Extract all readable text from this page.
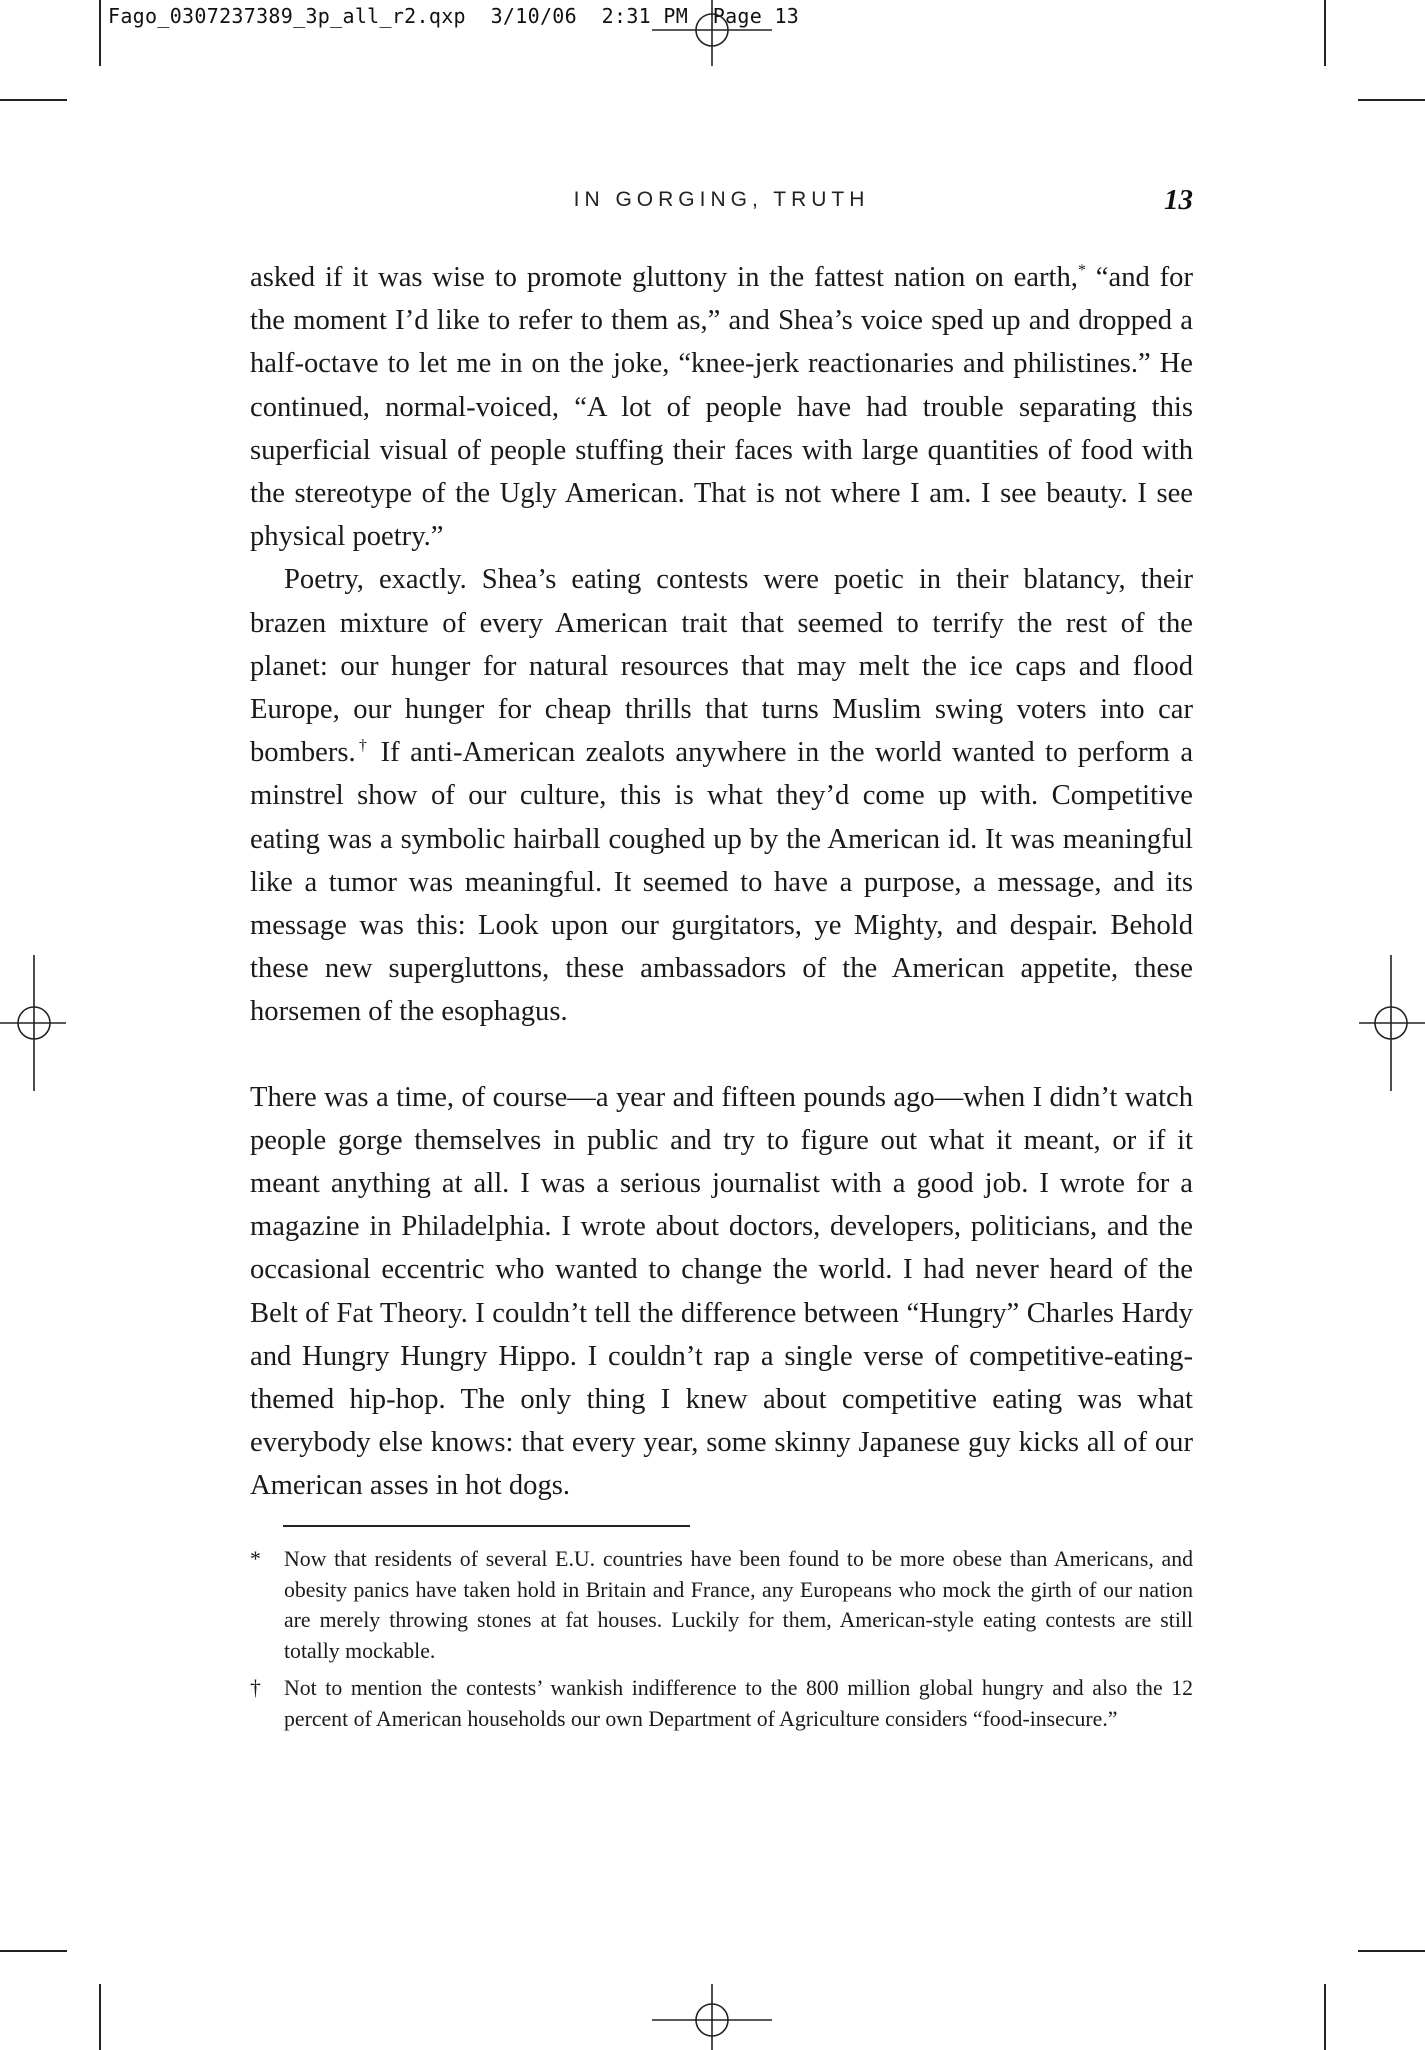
Fago_0307237389_3p_all_r2.qxp 3/10/06 2:31 PM Page 13
IN GORGING, TRUTH	13

asked if it was wise to promote gluttony in the fattest nation on earth,* “and for the moment I’d like to refer to them as,” and Shea’s voice sped up and dropped a half-octave to let me in on the joke, “knee-jerk reactionaries and philistines.” He continued, normal-voiced, “A lot of people have had trouble separating this superficial visual of people stuffing their faces with large quantities of food with the stereotype of the Ugly American. That is not where I am. I see beauty. I see physical poetry.”

Poetry, exactly. Shea’s eating contests were poetic in their blatancy, their brazen mixture of every American trait that seemed to terrify the rest of the planet: our hunger for natural resources that may melt the ice caps and flood Europe, our hunger for cheap thrills that turns Muslim swing voters into car bombers.† If anti-American zealots anywhere in the world wanted to perform a minstrel show of our culture, this is what they’d come up with. Competitive eating was a symbolic hairball coughed up by the American id. It was meaningful like a tumor was meaningful. It seemed to have a purpose, a message, and its message was this: Look upon our gurgitators, ye Mighty, and despair. Behold these new supergluttons, these ambassadors of the American appetite, these horsemen of the esophagus.

There was a time, of course—a year and fifteen pounds ago—when I didn’t watch people gorge themselves in public and try to figure out what it meant, or if it meant anything at all. I was a serious journalist with a good job. I wrote for a magazine in Philadelphia. I wrote about doctors, developers, politicians, and the occasional eccentric who wanted to change the world. I had never heard of the Belt of Fat Theory. I couldn’t tell the difference between “Hungry” Charles Hardy and Hungry Hungry Hippo. I couldn’t rap a single verse of competitive-eating-themed hip-hop. The only thing I knew about competitive eating was what everybody else knows: that every year, some skinny Japanese guy kicks all of our American asses in hot dogs.

* Now that residents of several E.U. countries have been found to be more obese than Americans, and obesity panics have taken hold in Britain and France, any Europeans who mock the girth of our nation are merely throwing stones at fat houses. Luckily for them, American-style eating contests are still totally mockable.
† Not to mention the contests’ wankish indifference to the 800 million global hungry and also the 12 percent of American households our own Department of Agriculture considers “food-insecure.”
